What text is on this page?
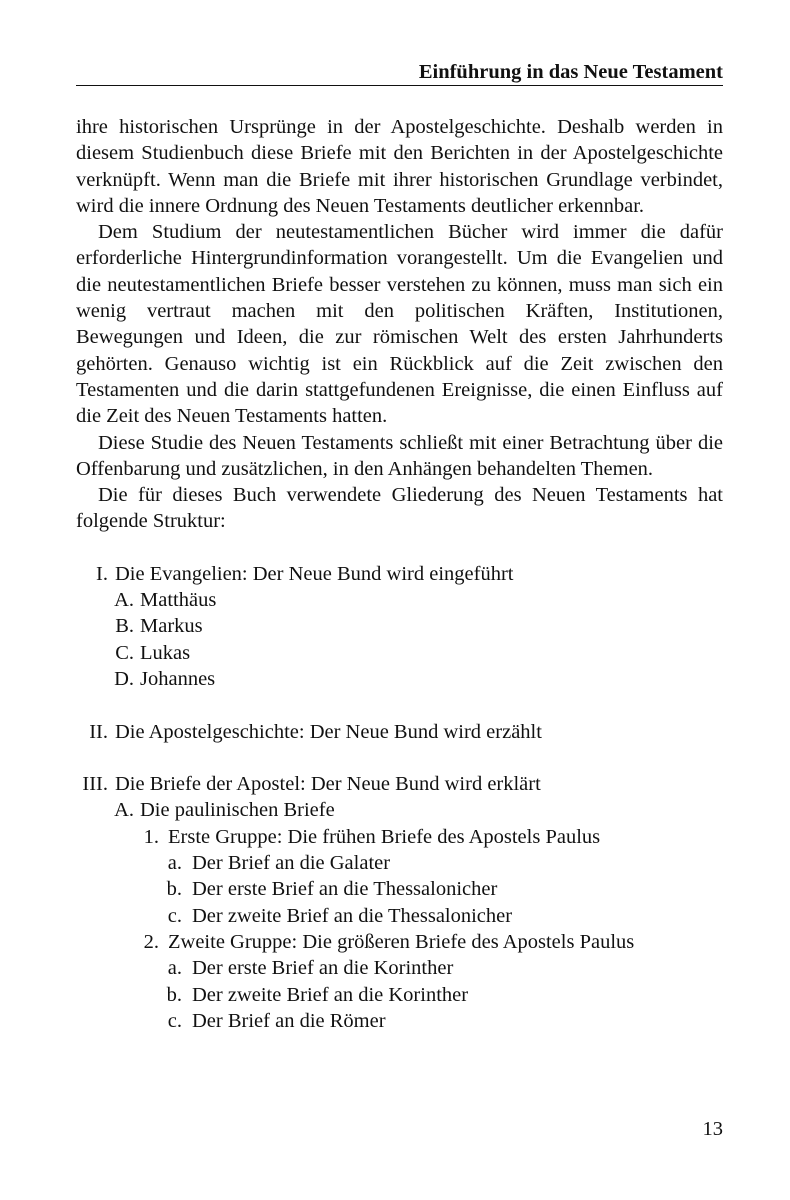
Einführung in das Neue Testament

ihre historischen Ursprünge in der Apostelgeschichte. Deshalb werden in diesem Studienbuch diese Briefe mit den Berichten in der Apostelgeschichte verknüpft. Wenn man die Briefe mit ihrer historischen Grundlage verbindet, wird die innere Ordnung des Neuen Testaments deutlicher erkennbar.

Dem Studium der neutestamentlichen Bücher wird immer die dafür erforderliche Hintergrundinformation vorangestellt. Um die Evangelien und die neutestamentlichen Briefe besser verstehen zu können, muss man sich ein wenig vertraut machen mit den politischen Kräften, Institutionen, Bewegungen und Ideen, die zur römischen Welt des ersten Jahrhunderts gehörten. Genauso wichtig ist ein Rückblick auf die Zeit zwischen den Testamenten und die darin stattgefundenen Ereignisse, die einen Einfluss auf die Zeit des Neuen Testaments hatten.

Diese Studie des Neuen Testaments schließt mit einer Betrachtung über die Offenbarung und zusätzlichen, in den Anhängen behandelten Themen.

Die für dieses Buch verwendete Gliederung des Neuen Testaments hat folgende Struktur:

I. Die Evangelien: Der Neue Bund wird eingeführt
A. Matthäus
B. Markus
C. Lukas
D. Johannes
II. Die Apostelgeschichte: Der Neue Bund wird erzählt
III. Die Briefe der Apostel: Der Neue Bund wird erklärt
A. Die paulinischen Briefe
1. Erste Gruppe: Die frühen Briefe des Apostels Paulus
a. Der Brief an die Galater
b. Der erste Brief an die Thessalonicher
c. Der zweite Brief an die Thessalonicher
2. Zweite Gruppe: Die größeren Briefe des Apostels Paulus
a. Der erste Brief an die Korinther
b. Der zweite Brief an die Korinther
c. Der Brief an die Römer
13
